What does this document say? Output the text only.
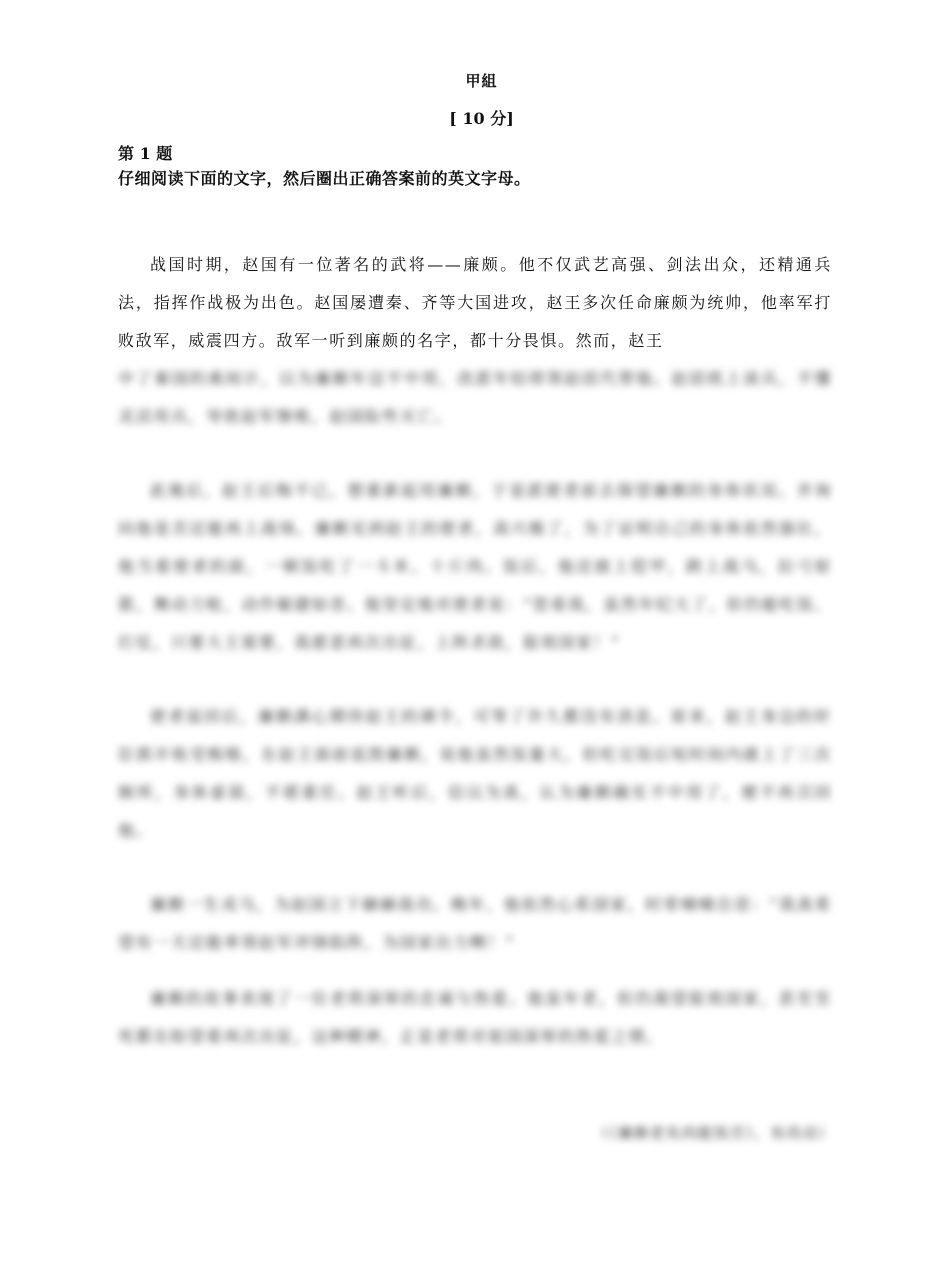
甲組
[ 10 分]
第 1 题
仔细阅读下面的文字，然后圈出正确答案前的英文字母。

战国时期，赵国有一位著名的武将——廉颇。他不仅武艺高强、剑法出众，还精通兵法，指挥作战极为出色。赵国屡遭秦、齐等大国进攻，赵王多次任命廉颇为统帅，他率军打败敌军，威震四方。敌军一听到廉颇的名字，都十分畏惧。然而，赵王

中了秦国的离间计，以为廉颇年迈不中用，改派年轻将领赵括代替他。赵括纸上谈兵，不懂灵活用兵，导致赵军惨败，赵国险些灭亡。

此後后，赵王后悔不已，想重新起用廉颇，于是派使者前去探望廉颇的身体状况。并询问他是否还能再上战场。廉颇见到赵王的使者，高兴极了，为了证明自己的身体依然强壮，他当着使者的面，一顿饭吃了一斗米、十斤肉。饭后，他还披上铠甲，跨上战马，拉弓射箭，舞动刀枪，动作敏捷如昔。他坚定地对使者说：“您看我，虽然年纪大了，但仍能吃饭、打仗，只要大王需要，我愿意再次出征，上阵杀敌，报效国家！”

使者返回后，廉颇满心期待赵王的调令，可等了许久都没有消息。原来，赵王身边的奸臣郭开收受贿赂，在赵王面前诋毁廉颇，说他虽然饭量大，但吃完饭后短时间内就上了三次厕所，身体虚弱，不堪重任。赵王听后，信以为真，认为廉颇确实不中用了，便不再召回他。

廉颇一生戎马，为赵国立下赫赫战功。晚年，他依然心系国家，时常喃喃自语：“我真希望有一天还能率领赵军冲锋陷阵，为国家出力啊！”

廉颇的故事表现了一位老将深厚的忠诚与热爱。他虽年老，但仍渴望报效国家，甚至至死都在盼望着再次出征，这种精神，正是老将对祖国深厚的热爱之情。

（《廉颇老矣尚能饭否》，有改动）
